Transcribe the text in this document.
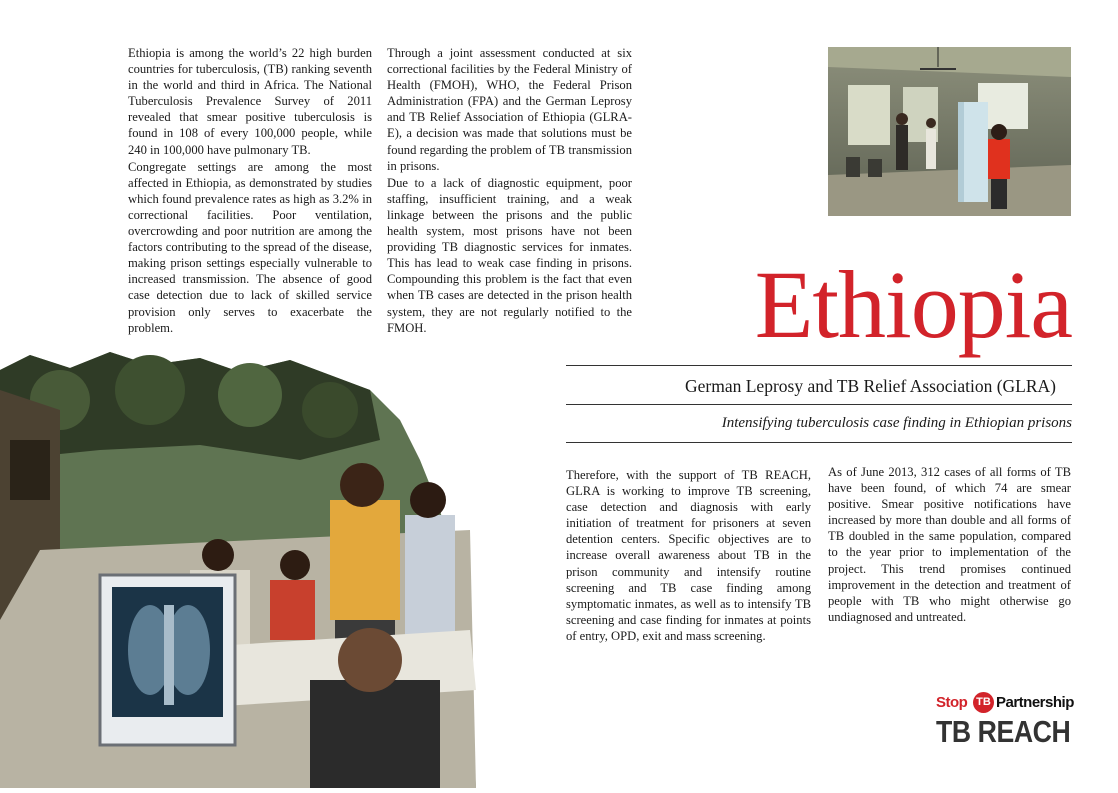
Ethiopia is among the world’s 22 high burden countries for tuberculosis, (TB) ranking seventh in the world and third in Africa. The National Tuberculosis Prevalence Survey of 2011 revealed that smear positive tuberculosis is found in 108 of every 100,000 people, while 240 in 100,000 have pulmonary TB.

Congregate settings are among the most affected in Ethiopia, as demonstrated by studies which found prevalence rates as high as 3.2% in correctional facilities. Poor ventilation, overcrowding and poor nutrition are among the factors contributing to the spread of the disease, making prison settings especially vulnerable to increased transmission. The absence of good case detection due to lack of skilled service provision only serves to exacerbate the problem.

Through a joint assessment conducted at six correctional facilities by the Federal Ministry of Health (FMOH), WHO, the Federal Prison Administration (FPA) and the German Leprosy and TB Relief Association of Ethiopia (GLRA-E), a decision was made that solutions must be found regarding the problem of TB transmission in prisons.

Due to a lack of diagnostic equipment, poor staffing, insufficient training, and a weak linkage between the prisons and the public health system, most prisons have not been providing TB diagnostic services for inmates. This has lead to weak case finding in prisons. Compounding this problem is the fact that even when TB cases are detected in the prison health system, they are not regularly notified to the FMOH.	Ethiopia
German Leprosy and TB Relief Association (GLRA)
Intensifying tuberculosis case finding in Ethiopian prisons

Therefore, with the support of TB REACH, GLRA is working to improve TB screening, case detection and diagnosis with early initiation of treatment for prisoners at seven detention centers. Specific objectives are to increase overall awareness about TB in the prison community and intensify routine screening and TB case finding among symptomatic inmates, as well as to intensify TB screening and case finding for inmates at points of entry, OPD, exit and mass screening.

As of June 2013, 312 cases of all forms of TB have been found, of which 74 are smear positive. Smear positive notifications have increased by more than double and all forms of TB doubled in the same population, compared to the year prior to implementation of the project. This trend promises continued improvement in the detection and treatment of people with TB who might otherwise go undiagnosed and untreated.

Stop TB Partnership
TB REACH
